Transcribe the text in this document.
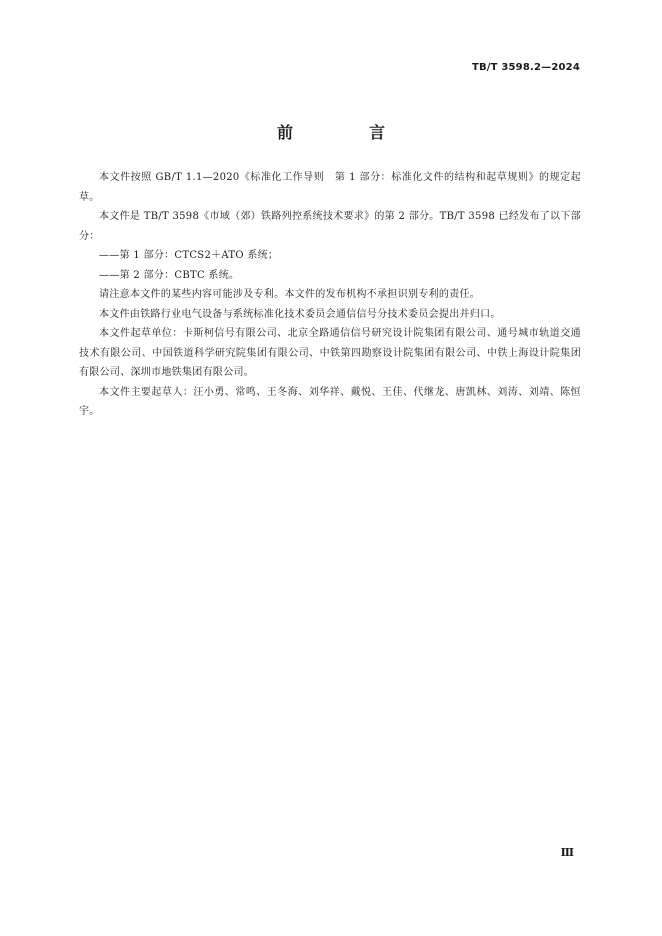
TB/T 3598.2—2024
前　言

本文件按照 GB/T 1.1—2020《标准化工作导则　第 1 部分：标准化文件的结构和起草规则》的规定起草。

本文件是 TB/T 3598《市域（郊）铁路列控系统技术要求》的第 2 部分。TB/T 3598 已经发布了以下部分：

——第 1 部分：CTCS2＋ATO 系统；

——第 2 部分：CBTC 系统。

请注意本文件的某些内容可能涉及专利。本文件的发布机构不承担识别专利的责任。

本文件由铁路行业电气设备与系统标准化技术委员会通信信号分技术委员会提出并归口。

本文件起草单位：卡斯柯信号有限公司、北京全路通信信号研究设计院集团有限公司、通号城市轨道交通技术有限公司、中国铁道科学研究院集团有限公司、中铁第四勘察设计院集团有限公司、中铁上海设计院集团有限公司、深圳市地铁集团有限公司。

本文件主要起草人：汪小勇、常鸣、王冬海、刘华祥、戴悦、王佳、代继龙、唐凯林、刘涛、刘靖、陈恒宇。

Ⅲ
